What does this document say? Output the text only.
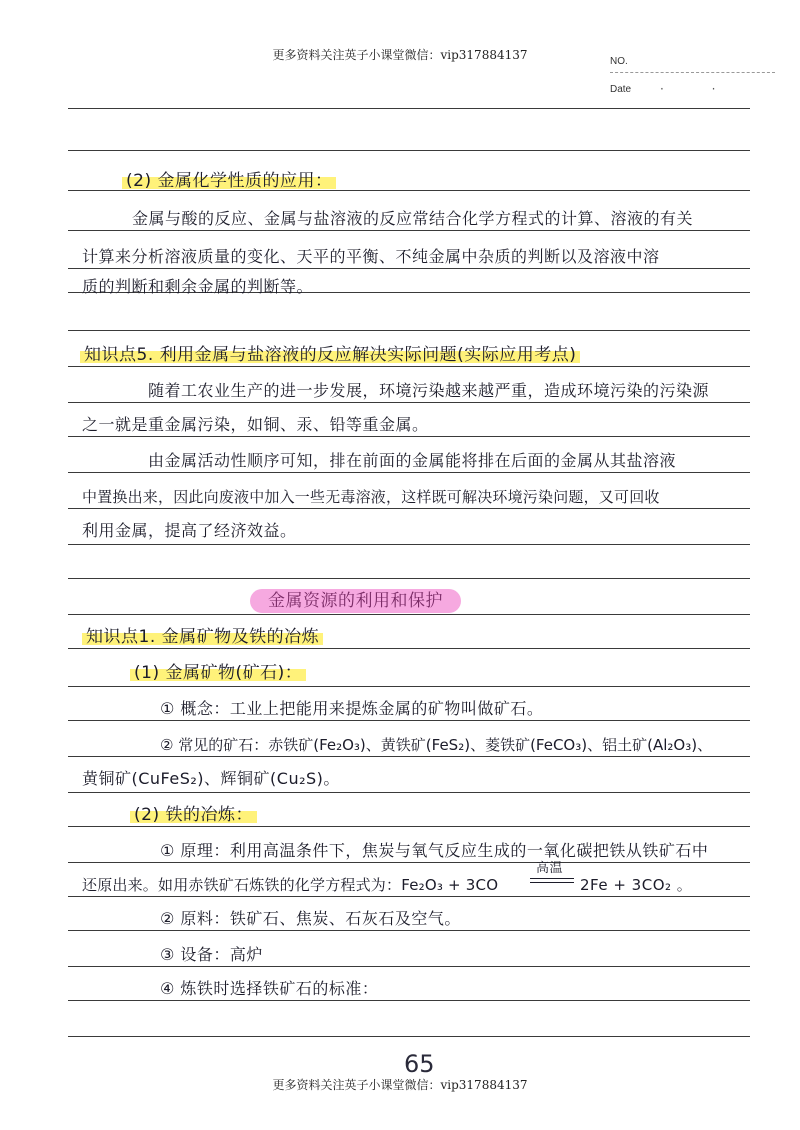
更多资料关注英子小课堂微信：vip317884137	NO.
Date · ·
(2) 金属化学性质的应用：
金属与酸的反应、金属与盐溶液的反应常结合化学方程式的计算、溶液的有关
计算来分析溶液质量的变化、天平的平衡、不纯金属中杂质的判断以及溶液中溶
质的判断和剩余金属的判断等。
知识点5. 利用金属与盐溶液的反应解决实际问题(实际应用考点)
随着工农业生产的进一步发展，环境污染越来越严重，造成环境污染的污染源
之一就是重金属污染，如铜、汞、铅等重金属。
由金属活动性顺序可知，排在前面的金属能将排在后面的金属从其盐溶液
中置换出来，因此向废液中加入一些无毒溶液，这样既可解决环境污染问题，又可回收
利用金属，提高了经济效益。
金属资源的利用和保护
知识点1. 金属矿物及铁的冶炼
(1) 金属矿物(矿石)：
① 概念：工业上把能用来提炼金属的矿物叫做矿石。
② 常见的矿石：赤铁矿(Fe₂O₃)、黄铁矿(FeS₂)、菱铁矿(FeCO₃)、铝土矿(Al₂O₃)、
黄铜矿(CuFeS₂)、辉铜矿(Cu₂S)。
(2) 铁的冶炼：
① 原理：利用高温条件下，焦炭与氧气反应生成的一氧化碳把铁从铁矿石中
还原出来。如用赤铁矿石炼铁的化学方程式为：Fe₂O₃ + 3CO
高温
2Fe + 3CO₂ 。
② 原料：铁矿石、焦炭、石灰石及空气。
③ 设备：高炉
④ 炼铁时选择铁矿石的标准：
65
更多资料关注英子小课堂微信：vip317884137
